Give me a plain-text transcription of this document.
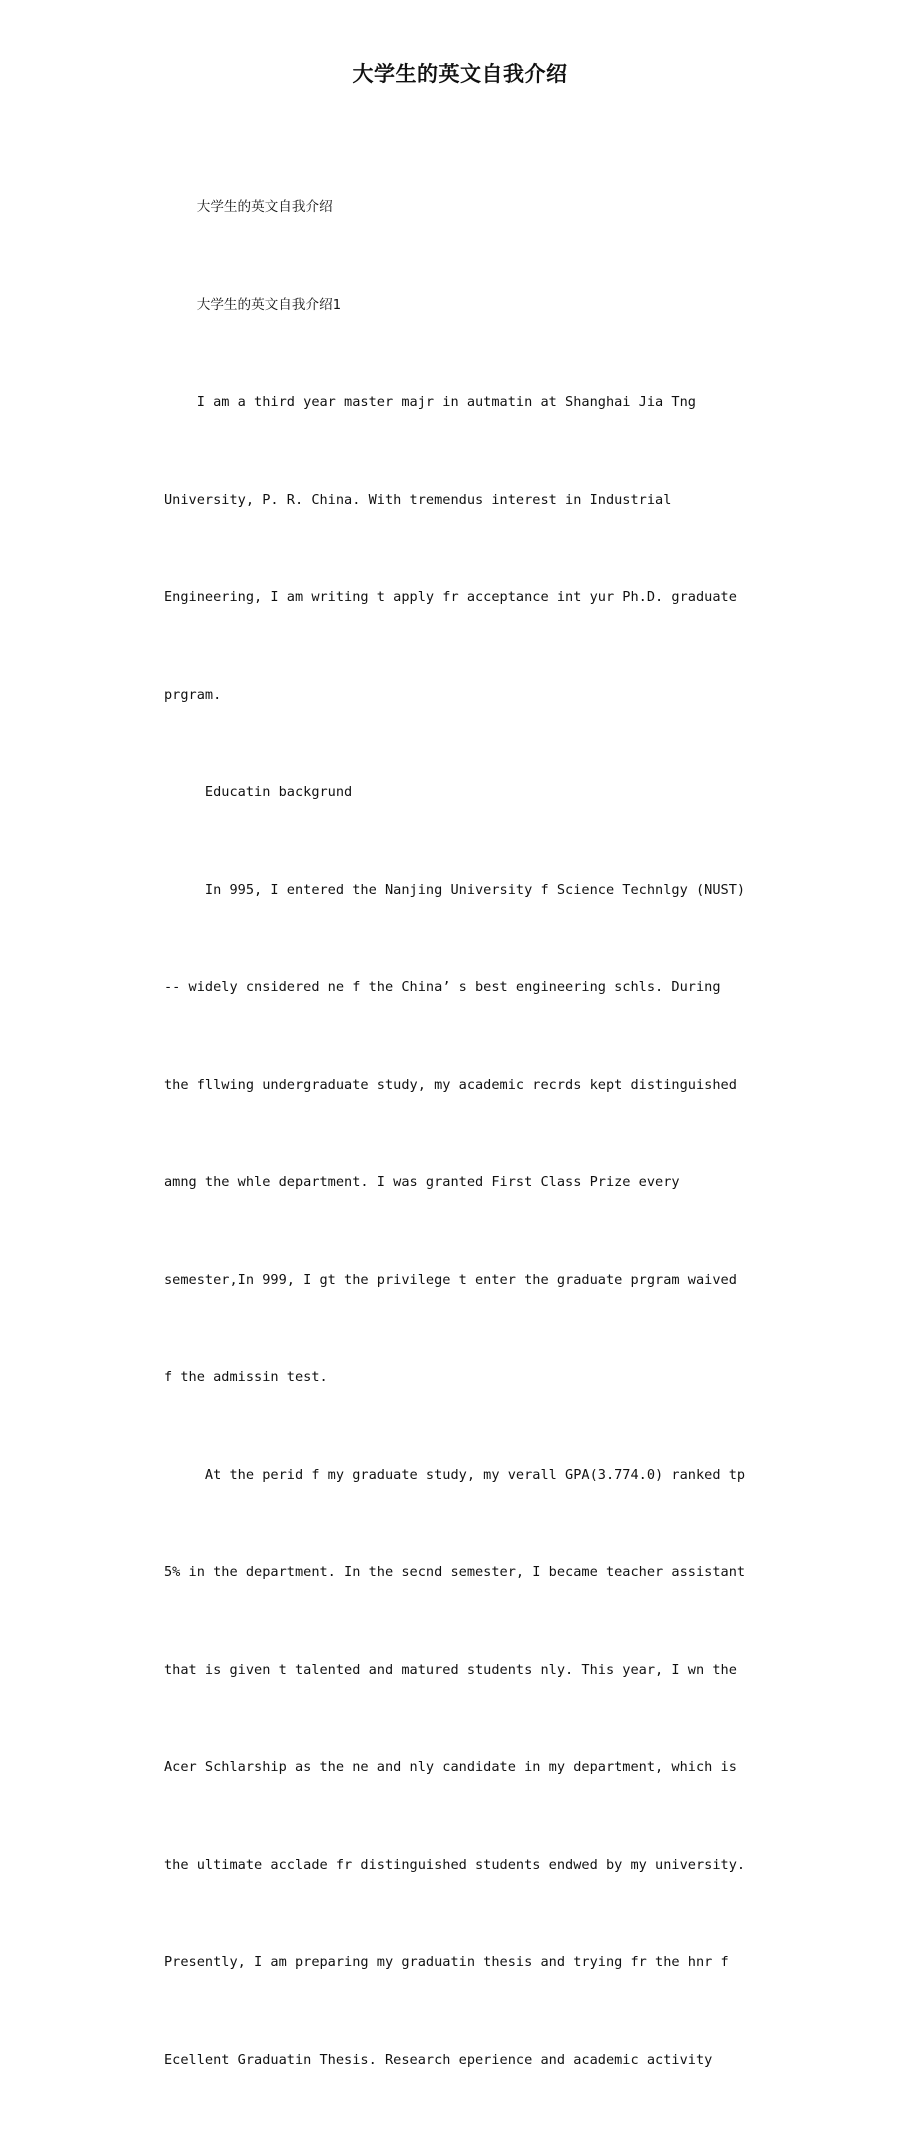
大学生的英文自我介绍

大学生的英文自我介绍

大学生的英文自我介绍1

I am a third year master majr in autmatin at Shanghai Jia Tng

University, P. R. China. With tremendus interest in Industrial

Engineering, I am writing t apply fr acceptance int yur Ph.D. graduate

prgram.

Educatin backgrund

In 995, I entered the Nanjing University f Science Technlgy (NUST)

-- widely cnsidered ne f the China’ s best engineering schls. During

the fllwing undergraduate study, my academic recrds kept distinguished

amng the whle department. I was granted First Class Prize every

semester,In 999, I gt the privilege t enter the graduate prgram waived

f the admissin test.

At the perid f my graduate study, my verall GPA(3.774.0) ranked tp

5% in the department. In the secnd semester, I became teacher assistant

that is given t talented and matured students nly. This year, I wn the

Acer Schlarship as the ne and nly candidate in my department, which is

the ultimate acclade fr distinguished students endwed by my university.

Presently, I am preparing my graduatin thesis and trying fr the hnr f

Ecellent Graduatin Thesis. Research eperience and academic activity
